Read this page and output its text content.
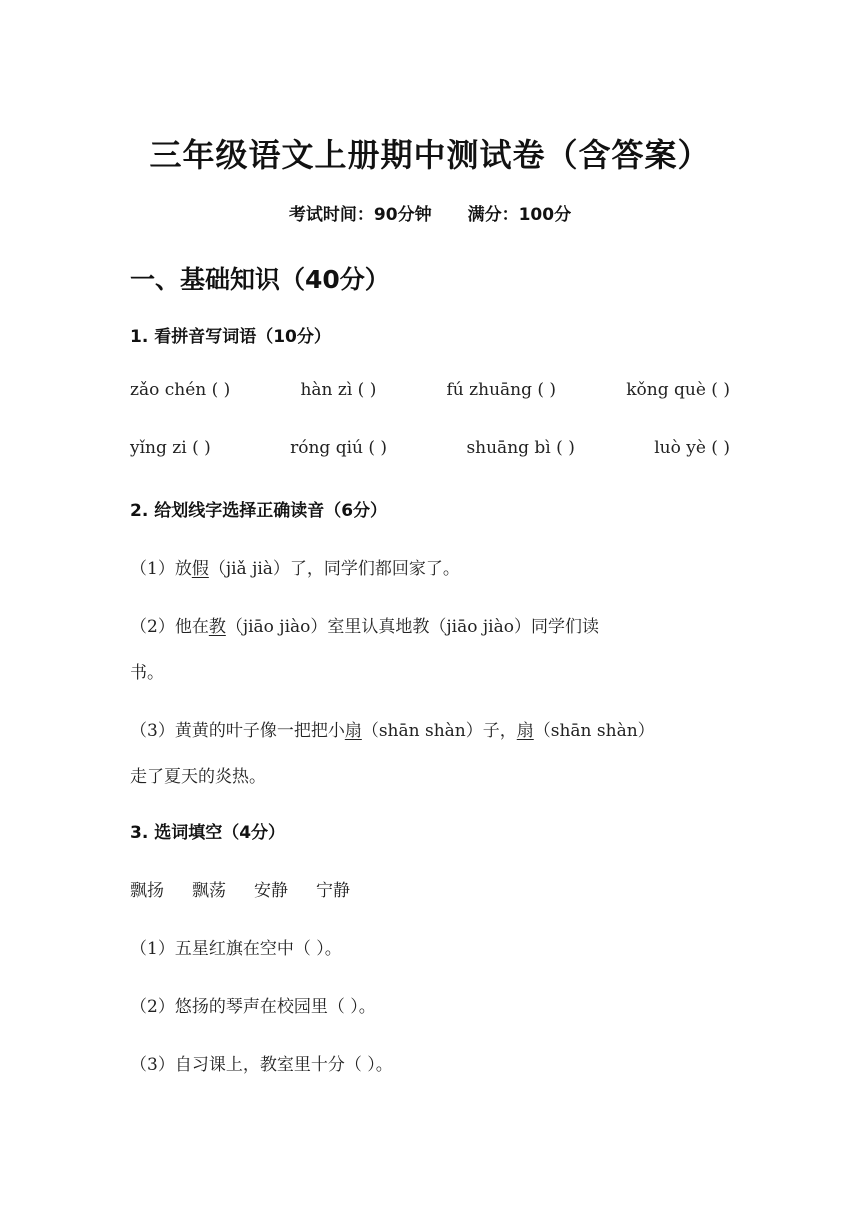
三年级语文上册期中测试卷（含答案）
考试时间：90分钟 满分：100分
一、基础知识（40分）
1. 看拼音写词语（10分）
zǎo chén ( )	hàn zì ( )	fú zhuāng ( )	kǒng què ( )
yǐng zi ( )	róng qiú ( )	shuāng bì ( )	luò yè ( )
2. 给划线字选择正确读音（6分）
（1）放假（jiǎ jià）了，同学们都回家了。
（2）他在教（jiāo jiào）室里认真地教（jiāo jiào）同学们读
书。
（3）黄黄的叶子像一把把小扇（shān shàn）子，扇（shān shàn）
走了夏天的炎热。
3. 选词填空（4分）
飘扬 飘荡 安静 宁静
（1）五星红旗在空中（ ）。
（2）悠扬的琴声在校园里（ ）。
（3）自习课上，教室里十分（ ）。
